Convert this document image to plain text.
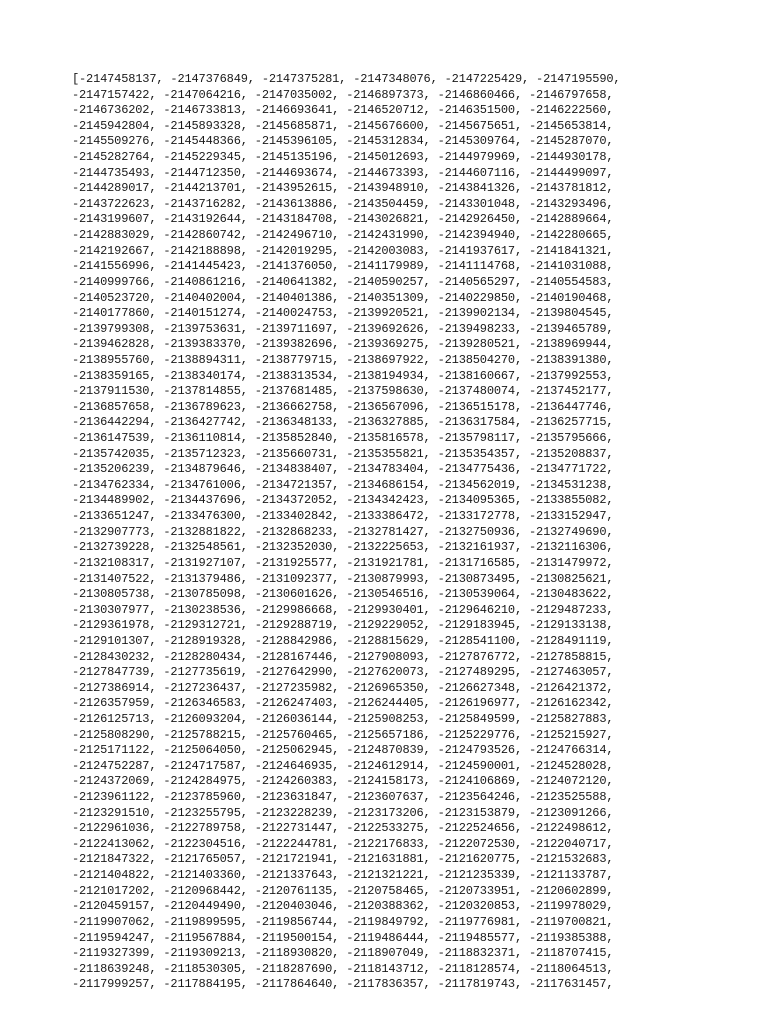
[-2147458137, -2147376849, -2147375281, -2147348076, -2147225429, -2147195590,
-2147157422, -2147064216, -2147035002, -2146897373, -2146860466, -2146797658,
-2146736202, -2146733813, -2146693641, -2146520712, -2146351500, -2146222560,
-2145942804, -2145893328, -2145685871, -2145676600, -2145675651, -2145653814,
-2145509276, -2145448366, -2145396105, -2145312834, -2145309764, -2145287070,
-2145282764, -2145229345, -2145135196, -2145012693, -2144979969, -2144930178,
-2144735493, -2144712350, -2144693674, -2144673393, -2144607116, -2144499097,
-2144289017, -2144213701, -2143952615, -2143948910, -2143841326, -2143781812,
-2143722623, -2143716282, -2143613886, -2143504459, -2143301048, -2143293496,
-2143199607, -2143192644, -2143184708, -2143026821, -2142926450, -2142889664,
-2142883029, -2142860742, -2142496710, -2142431990, -2142394940, -2142280665,
-2142192667, -2142188898, -2142019295, -2142003083, -2141937617, -2141841321,
-2141556996, -2141445423, -2141376050, -2141179989, -2141114768, -2141031088,
-2140999766, -2140861216, -2140641382, -2140590257, -2140565297, -2140554583,
-2140523720, -2140402004, -2140401386, -2140351309, -2140229850, -2140190468,
-2140177860, -2140151274, -2140024753, -2139920521, -2139902134, -2139804545,
-2139799308, -2139753631, -2139711697, -2139692626, -2139498233, -2139465789,
-2139462828, -2139383370, -2139382696, -2139369275, -2139280521, -2138969944,
-2138955760, -2138894311, -2138779715, -2138697922, -2138504270, -2138391380,
-2138359165, -2138340174, -2138313534, -2138194934, -2138160667, -2137992553,
-2137911530, -2137814855, -2137681485, -2137598630, -2137480074, -2137452177,
-2136857658, -2136789623, -2136662758, -2136567096, -2136515178, -2136447746,
-2136442294, -2136427742, -2136348133, -2136327885, -2136317584, -2136257715,
-2136147539, -2136110814, -2135852840, -2135816578, -2135798117, -2135795666,
-2135742035, -2135712323, -2135660731, -2135355821, -2135354357, -2135208837,
-2135206239, -2134879646, -2134838407, -2134783404, -2134775436, -2134771722,
-2134762334, -2134761006, -2134721357, -2134686154, -2134562019, -2134531238,
-2134489902, -2134437696, -2134372052, -2134342423, -2134095365, -2133855082,
-2133651247, -2133476300, -2133402842, -2133386472, -2133172778, -2133152947,
-2132907773, -2132881822, -2132868233, -2132781427, -2132750936, -2132749690,
-2132739228, -2132548561, -2132352030, -2132225653, -2132161937, -2132116306,
-2132108317, -2131927107, -2131925577, -2131921781, -2131716585, -2131479972,
-2131407522, -2131379486, -2131092377, -2130879993, -2130873495, -2130825621,
-2130805738, -2130785098, -2130601626, -2130546516, -2130539064, -2130483622,
-2130307977, -2130238536, -2129986668, -2129930401, -2129646210, -2129487233,
-2129361978, -2129312721, -2129288719, -2129229052, -2129183945, -2129133138,
-2129101307, -2128919328, -2128842986, -2128815629, -2128541100, -2128491119,
-2128430232, -2128280434, -2128167446, -2127908093, -2127876772, -2127858815,
-2127847739, -2127735619, -2127642990, -2127620073, -2127489295, -2127463057,
-2127386914, -2127236437, -2127235982, -2126965350, -2126627348, -2126421372,
-2126357959, -2126346583, -2126247403, -2126244405, -2126196977, -2126162342,
-2126125713, -2126093204, -2126036144, -2125908253, -2125849599, -2125827883,
-2125808290, -2125788215, -2125760465, -2125657186, -2125229776, -2125215927,
-2125171122, -2125064050, -2125062945, -2124870839, -2124793526, -2124766314,
-2124752287, -2124717587, -2124646935, -2124612914, -2124590001, -2124528028,
-2124372069, -2124284975, -2124260383, -2124158173, -2124106869, -2124072120,
-2123961122, -2123785960, -2123631847, -2123607637, -2123564246, -2123525588,
-2123291510, -2123255795, -2123228239, -2123173206, -2123153879, -2123091266,
-2122961036, -2122789758, -2122731447, -2122533275, -2122524656, -2122498612,
-2122413062, -2122304516, -2122244781, -2122176833, -2122072530, -2122040717,
-2121847322, -2121765057, -2121721941, -2121631881, -2121620775, -2121532683,
-2121404822, -2121403360, -2121337643, -2121321221, -2121235339, -2121133787,
-2121017202, -2120968442, -2120761135, -2120758465, -2120733951, -2120602899,
-2120459157, -2120449490, -2120403046, -2120388362, -2120320853, -2119978029,
-2119907062, -2119899595, -2119856744, -2119849792, -2119776981, -2119700821,
-2119594247, -2119567884, -2119500154, -2119486444, -2119485577, -2119385388,
-2119327399, -2119309213, -2118930820, -2118907049, -2118832371, -2118707415,
-2118639248, -2118530305, -2118287690, -2118143712, -2118128574, -2118064513,
-2117999257, -2117884195, -2117864640, -2117836357, -2117819743, -2117631457,
